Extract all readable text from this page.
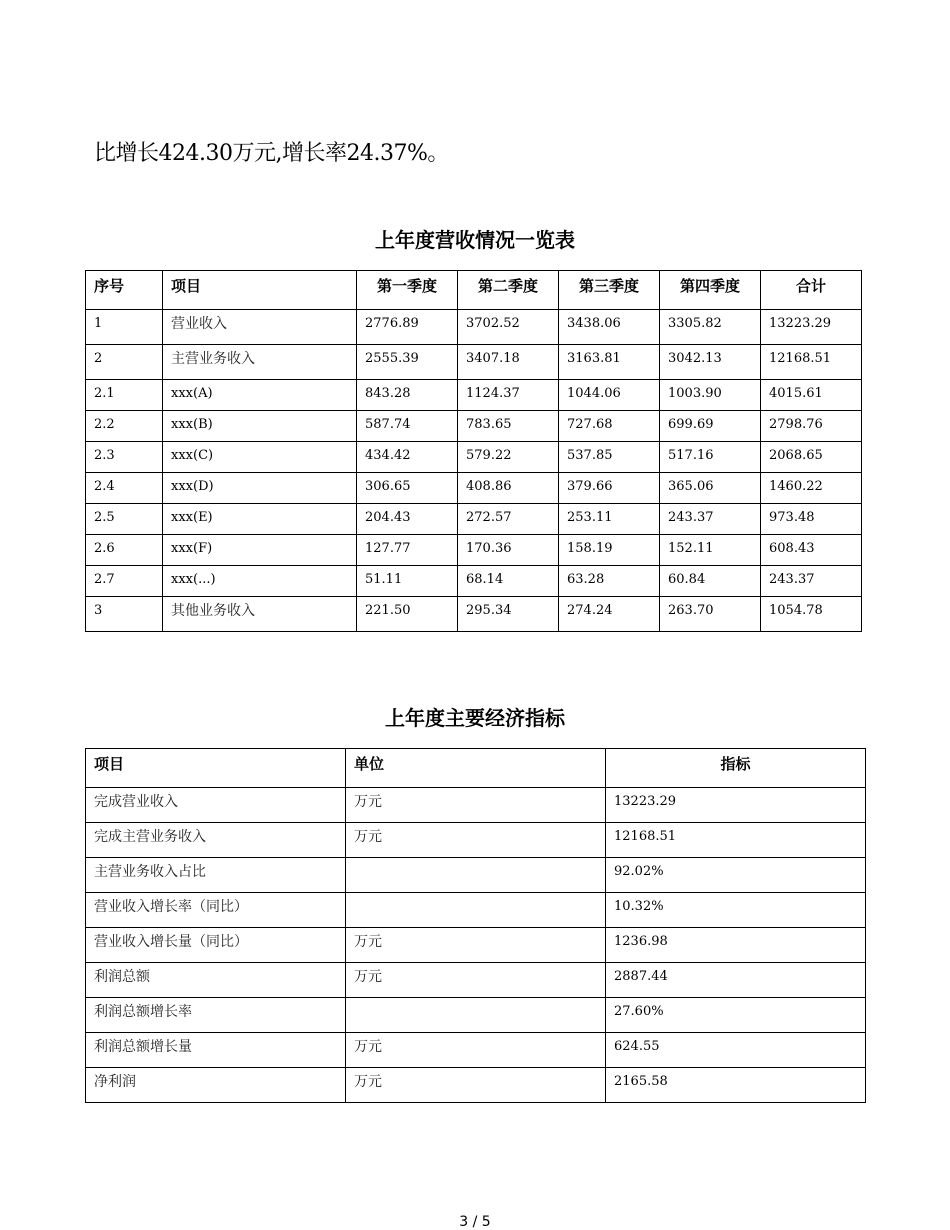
比增长424.30万元,增长率24.37%。
上年度营收情况一览表
序号	项目	第一季度	第二季度	第三季度	第四季度	合计
1	营业收入	2776.89	3702.52	3438.06	3305.82	13223.29
2	主营业务收入	2555.39	3407.18	3163.81	3042.13	12168.51
2.1	xxx(A)	843.28	1124.37	1044.06	1003.90	4015.61
2.2	xxx(B)	587.74	783.65	727.68	699.69	2798.76
2.3	xxx(C)	434.42	579.22	537.85	517.16	2068.65
2.4	xxx(D)	306.65	408.86	379.66	365.06	1460.22
2.5	xxx(E)	204.43	272.57	253.11	243.37	973.48
2.6	xxx(F)	127.77	170.36	158.19	152.11	608.43
2.7	xxx(...)	51.11	68.14	63.28	60.84	243.37
3	其他业务收入	221.50	295.34	274.24	263.70	1054.78
上年度主要经济指标
项目	单位	指标
完成营业收入	万元	13223.29
完成主营业务收入	万元	12168.51
主营业务收入占比		92.02%
营业收入增长率（同比）		10.32%
营业收入增长量（同比）	万元	1236.98
利润总额	万元	2887.44
利润总额增长率		27.60%
利润总额增长量	万元	624.55
净利润	万元	2165.58
3 / 5
